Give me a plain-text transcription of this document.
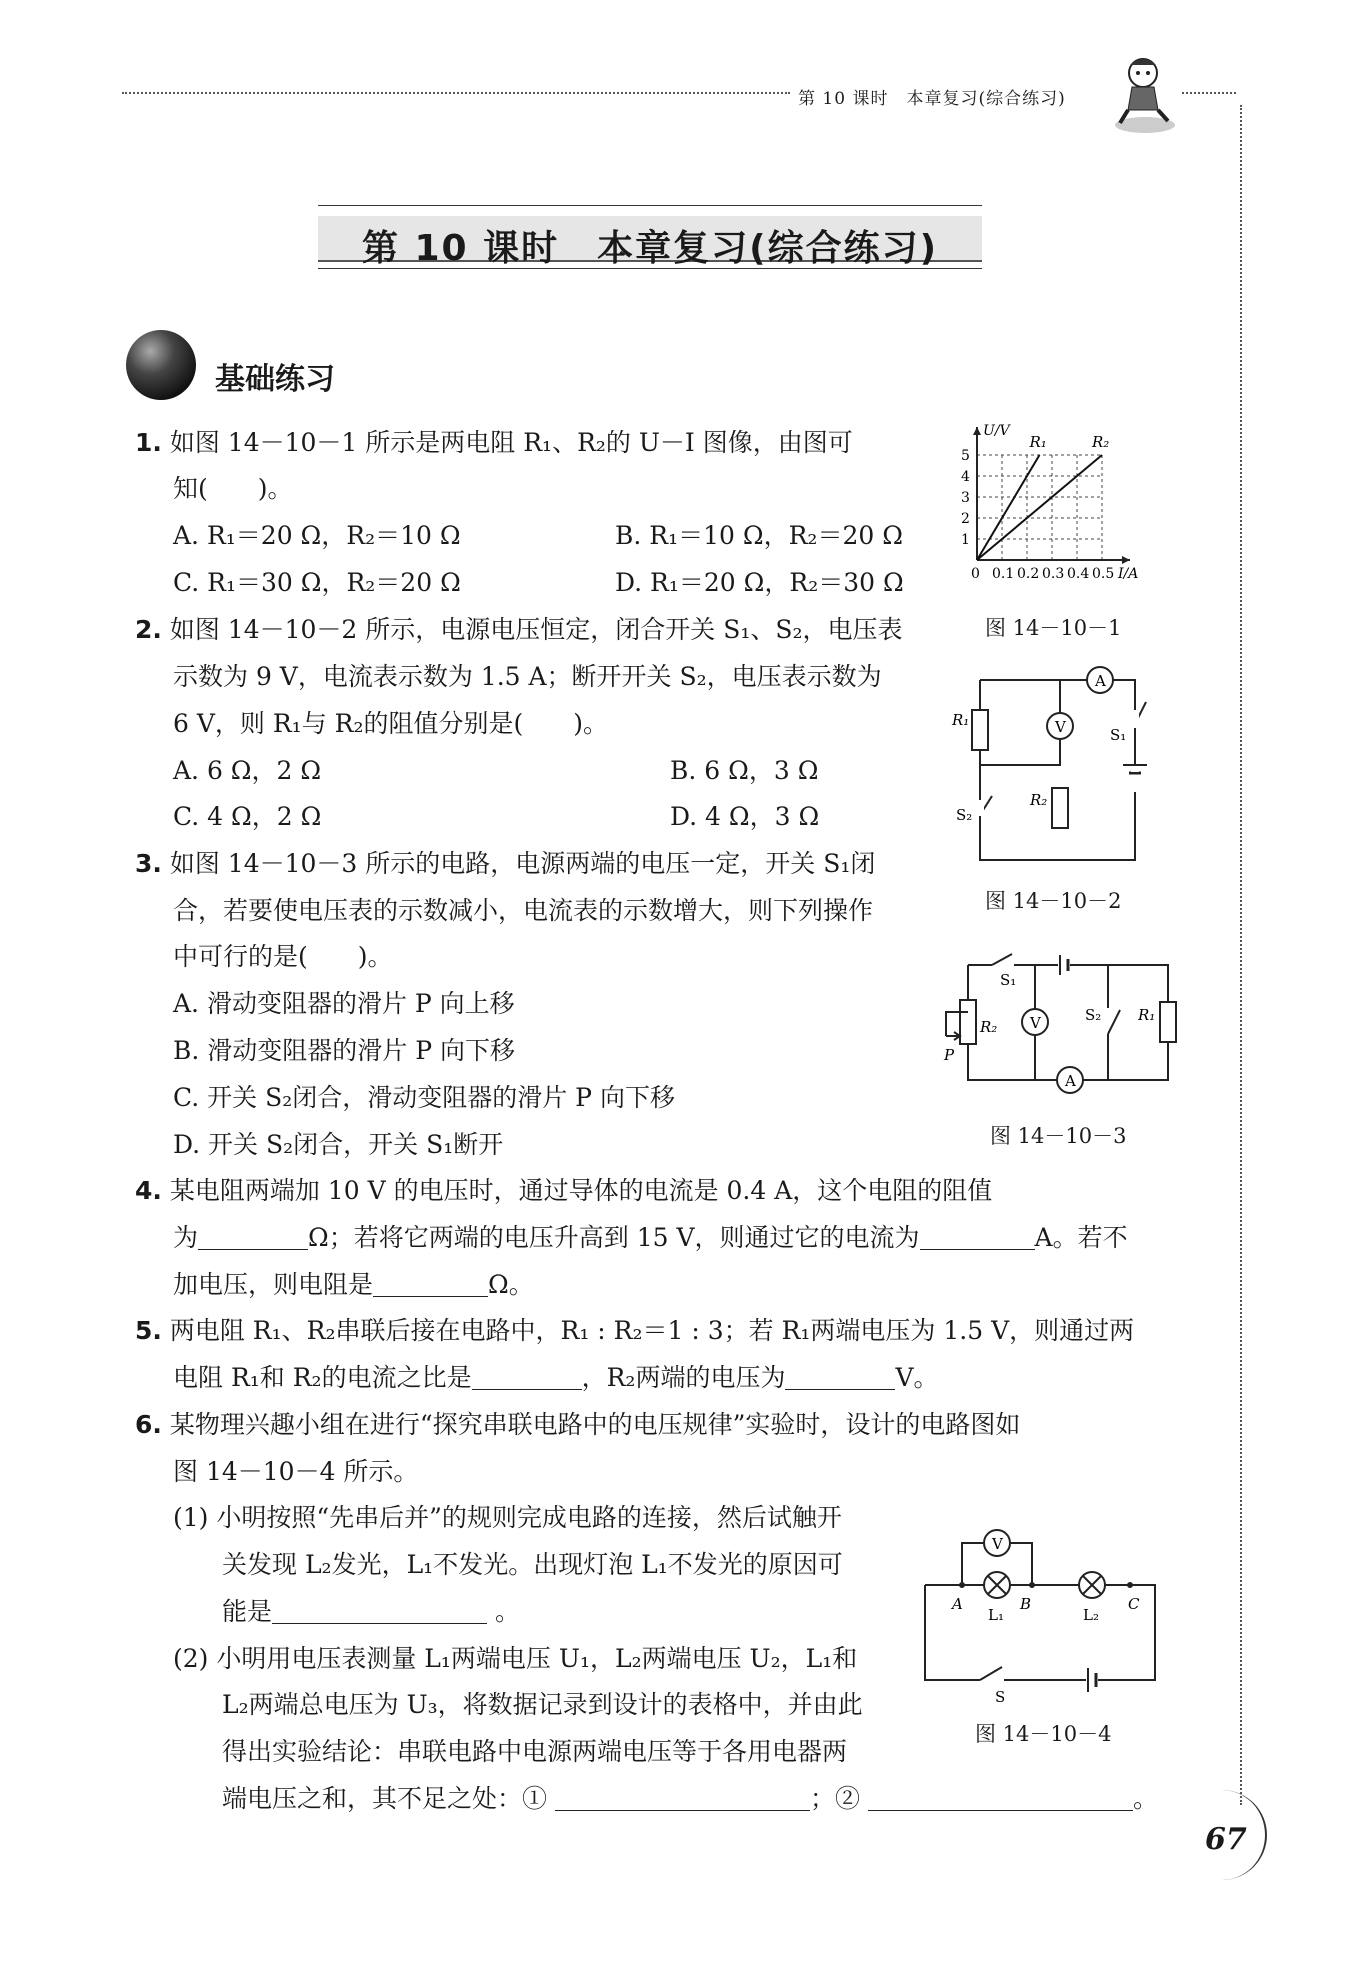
第 10 课时　本章复习(综合练习)
第 10 课时　本章复习(综合练习)
基础练习
1. 如图 14－10－1 所示是两电阻 R₁、R₂的 U－I 图像，由图可
知(　　)。
A. R₁＝20 Ω，R₂＝10 Ω	B. R₁＝10 Ω，R₂＝20 Ω
C. R₁＝30 Ω，R₂＝20 Ω	D. R₁＝20 Ω，R₂＝30 Ω
2. 如图 14－10－2 所示，电源电压恒定，闭合开关 S₁、S₂，电压表
示数为 9 V，电流表示数为 1.5 A；断开开关 S₂，电压表示数为
6 V，则 R₁与 R₂的阻值分别是(　　)。
A. 6 Ω，2 Ω	B. 6 Ω，3 Ω
C. 4 Ω，2 Ω	D. 4 Ω，3 Ω
3. 如图 14－10－3 所示的电路，电源两端的电压一定，开关 S₁闭
合，若要使电压表的示数减小，电流表的示数增大，则下列操作
中可行的是(　　)。
A. 滑动变阻器的滑片 P 向上移
B. 滑动变阻器的滑片 P 向下移
C. 开关 S₂闭合，滑动变阻器的滑片 P 向下移
D. 开关 S₂闭合，开关 S₁断开
4. 某电阻两端加 10 V 的电压时，通过导体的电流是 0.4 A，这个电阻的阻值
为	Ω；若将它两端的电压升高到 15 V，则通过它的电流为	A。若不
加电压，则电阻是	Ω。
5. 两电阻 R₁、R₂串联后接在电路中，R₁ : R₂＝1 : 3；若 R₁两端电压为 1.5 V，则通过两
电阻 R₁和 R₂的电流之比是	，R₂两端的电压为	V。
6. 某物理兴趣小组在进行“探究串联电路中的电压规律”实验时，设计的电路图如
图 14－10－4 所示。
(1) 小明按照“先串后并”的规则完成电路的连接，然后试触开
关发现 L₂发光，L₁不发光。出现灯泡 L₁不发光的原因可
能是	。
(2) 小明用电压表测量 L₁两端电压 U₁，L₂两端电压 U₂，L₁和
L₂两端总电压为 U₃，将数据记录到设计的表格中，并由此
得出实验结论：串联电路中电源两端电压等于各用电器两
端电压之和，其不足之处：①	；②	。
R₁	R₂
0.1 0.2 0.3 0.4 0.5
1
2
3
4
5
0	I/A
U/V
图 14－10－1
V
A
R₁
R₂
S₁
S₂
图 14－10－2
V
A
S₁
S₂ R₁
R₂
P
图 14－10－3
V
A	B	C
L₁	L₂
S
图 14－10－4
67
